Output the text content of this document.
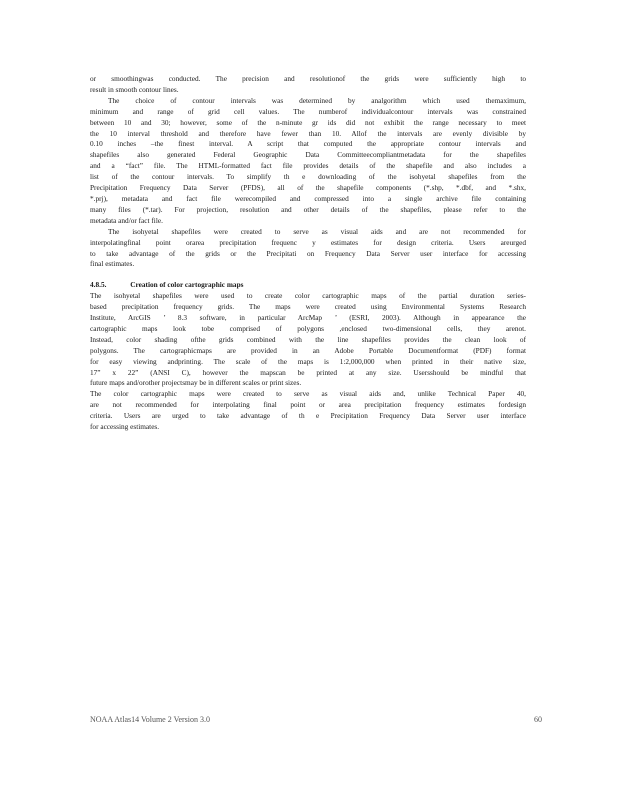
or smoothingwas conducted. The precision and resolutionof the grids were sufficiently high to
result in smooth contour lines.
The choice of contour intervals was determined by analgorithm which used themaximum,
minimum and range of grid cell values. The numberof individualcontour intervals was constrained
between 10 and 30; however, some of the n-minute gr ids did not exhibit the range necessary to meet
the 10 interval threshold and therefore have fewer than 10. Allof the intervals are evenly divisible by
0.10 inches –the finest interval. A script that computed the appropriate contour intervals and
shapefiles also generated Federal Geographic Data Committeecompliantmetadata for the shapefiles
and a “fact” file. The HTML-formatted fact file provides details of the shapefile and also includes a
list of the contour intervals. To simplify th e downloading of the isohyetal shapefiles from the
Precipitation Frequency Data Server (PFDS), all of the shapefile components (*.shp, *.dbf, and *.shx,
*.prj), metadata and fact file werecompiled and compressed into a single archive file containing
many files (*.tar). For projection, resolution and other details of the shapefiles, please refer to the
metadata and/or fact file.
The isohyetal shapefiles were created to serve as visual aids and are not recommended for
interpolatingfinal point orarea precipitation frequenc y estimates for design criteria. Users areurged
to take advantage of the grids or the Precipitati on Frequency Data Server user interface for accessing
final estimates.
4.8.5.	Creation of color cartographic maps
The isohyetal shapefiles were used to create color cartographic maps of the partial duration series-
based precipitation frequency grids. The maps were created using Environmental Systems Research
Institute, ArcGIS ’ 8.3 software, in particular ArcMap ’ (ESRI, 2003). Although in appearance the
cartographic maps look tobe comprised of polygons ,enclosed two-dimensional cells, they arenot.
Instead, color shading ofthe grids combined with the line shapefiles provides the clean look of
polygons. The cartographicmaps are provided in an Adobe Portable Documentformat (PDF) format
for easy viewing andprinting. The scale of the maps is 1:2,000,000 when printed in their native size,
17” x 22” (ANSI C), however the mapscan be printed at any size. Usersshould be mindful that
future maps and/orother projectsmay be in different scales or print sizes.
The color cartographic maps were created to serve as visual aids and, unlike Technical Paper 40,
are not recommended for interpolating final point or area precipitation frequency estimates fordesign
criteria. Users are urged to take advantage of th e Precipitation Frequency Data Server user interface
for accessing estimates.
NOAA Atlas14 Volume 2 Version 3.0	60
